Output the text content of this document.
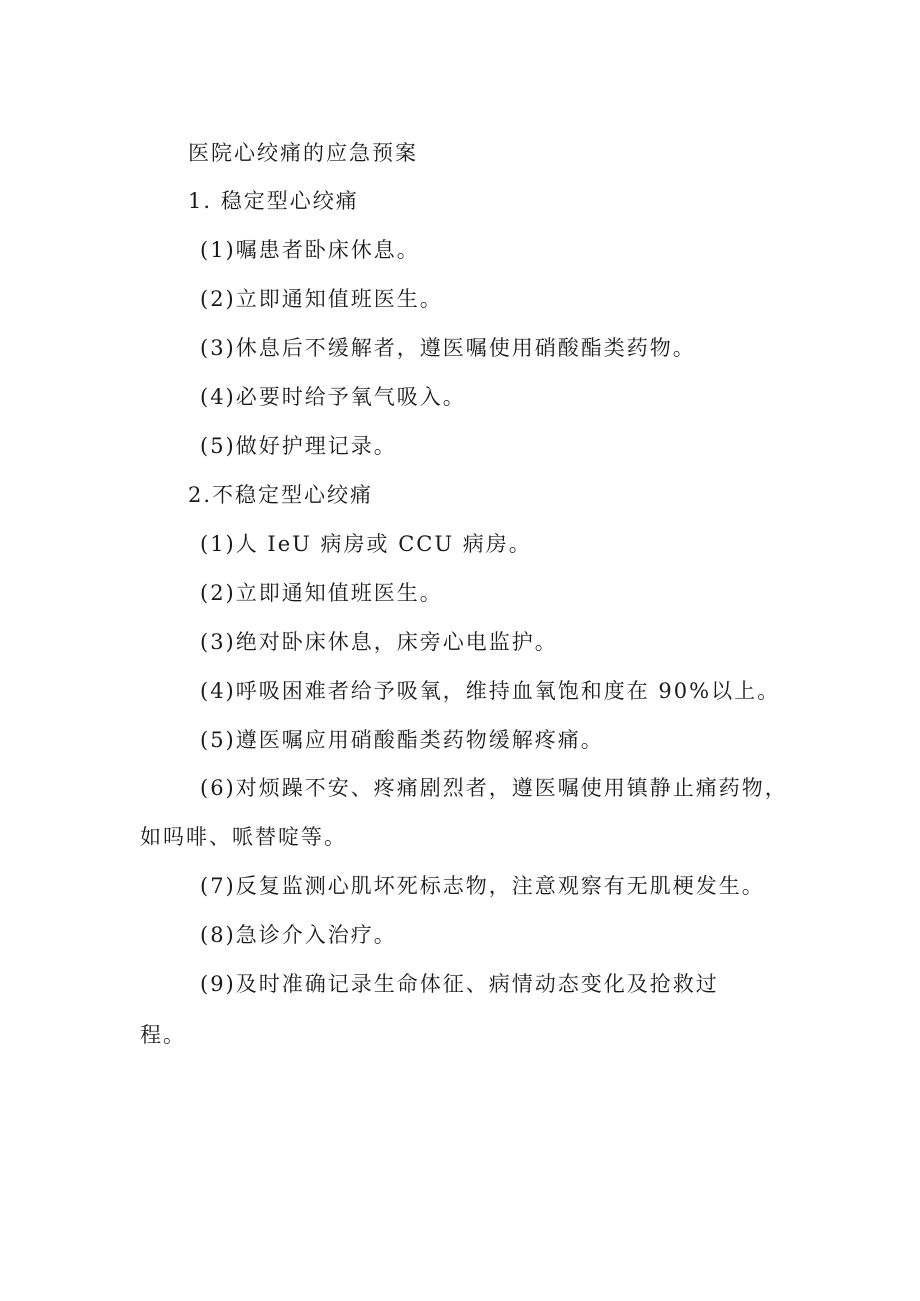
医院心绞痛的应急预案
1. 稳定型心绞痛
(1)嘱患者卧床休息。
(2)立即通知值班医生。
(3)休息后不缓解者，遵医嘱使用硝酸酯类药物。
(4)必要时给予氧气吸入。
(5)做好护理记录。
2.不稳定型心绞痛
(1)人 IeU 病房或 CCU 病房。
(2)立即通知值班医生。
(3)绝对卧床休息，床旁心电监护。
(4)呼吸困难者给予吸氧，维持血氧饱和度在 90%以上。
(5)遵医嘱应用硝酸酯类药物缓解疼痛。
(6)对烦躁不安、疼痛剧烈者，遵医嘱使用镇静止痛药物，
如吗啡、哌替啶等。
(7)反复监测心肌坏死标志物，注意观察有无肌梗发生。
(8)急诊介入治疗。
(9)及时准确记录生命体征、病情动态变化及抢救过
程。
